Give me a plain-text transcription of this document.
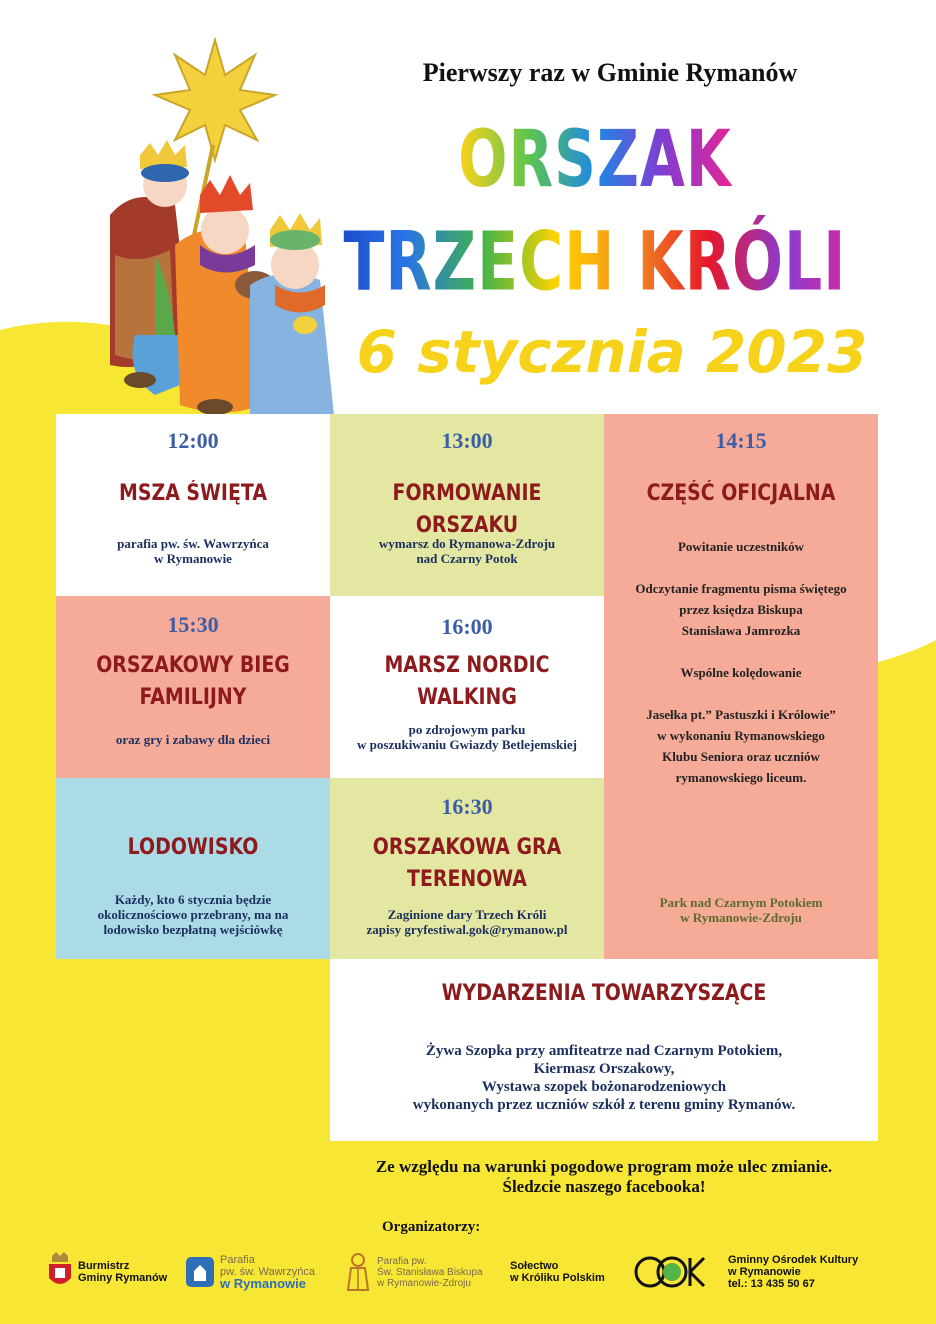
Pierwszy raz w Gminie Rymanów
ORSZAK
TRZECH KRÓLI
6 stycznia 2023
12:00
MSZA ŚWIĘTA
parafia pw. św. Wawrzyńca
w Rymanowie
13:00
FORMOWANIE ORSZAKU
wymarsz do Rymanowa-Zdroju
nad Czarny Potok
14:15
CZĘŚĆ OFICJALNA
Powitanie uczestników

Odczytanie fragmentu pisma świętego
przez księdza Biskupa
Stanisława Jamrozka

Wspólne kolędowanie

Jasełka pt.” Pastuszki i Królowie”
w wykonaniu Rymanowskiego
Klubu Seniora oraz uczniów
rymanowskiego liceum.
Park nad Czarnym Potokiem
w Rymanowie-Zdroju
15:30
ORSZAKOWY BIEG
FAMILIJNY
oraz gry i zabawy dla dzieci
16:00
MARSZ NORDIC
WALKING
po zdrojowym parku
w poszukiwaniu Gwiazdy Betlejemskiej
LODOWISKO
Każdy, kto 6 stycznia będzie
okolicznościowo przebrany, ma na
lodowisko bezpłatną wejściówkę
16:30
ORSZAKOWA GRA
TERENOWA
Zaginione dary Trzech Króli
zapisy gryfestiwal.gok@rymanow.pl
WYDARZENIA TOWARZYSZĄCE
Żywa Szopka przy amfiteatrze nad Czarnym Potokiem,
Kiermasz Orszakowy,
Wystawa szopek bożonarodzeniowych
wykonanych przez uczniów szkół z terenu gminy Rymanów.
Ze względu na warunki pogodowe program może ulec zmianie.
Śledzcie naszego facebooka!
Organizatorzy:
Burmistrz
Gminy Rymanów
Parafia
pw. św. Wawrzyńca
w Rymanowie
Parafia pw.
Św. Stanisława Biskupa
w Rymanowie-Zdroju
Sołectwo
w Króliku Polskim
Gminny Ośrodek Kultury
w Rymanowie
tel.: 13 435 50 67
